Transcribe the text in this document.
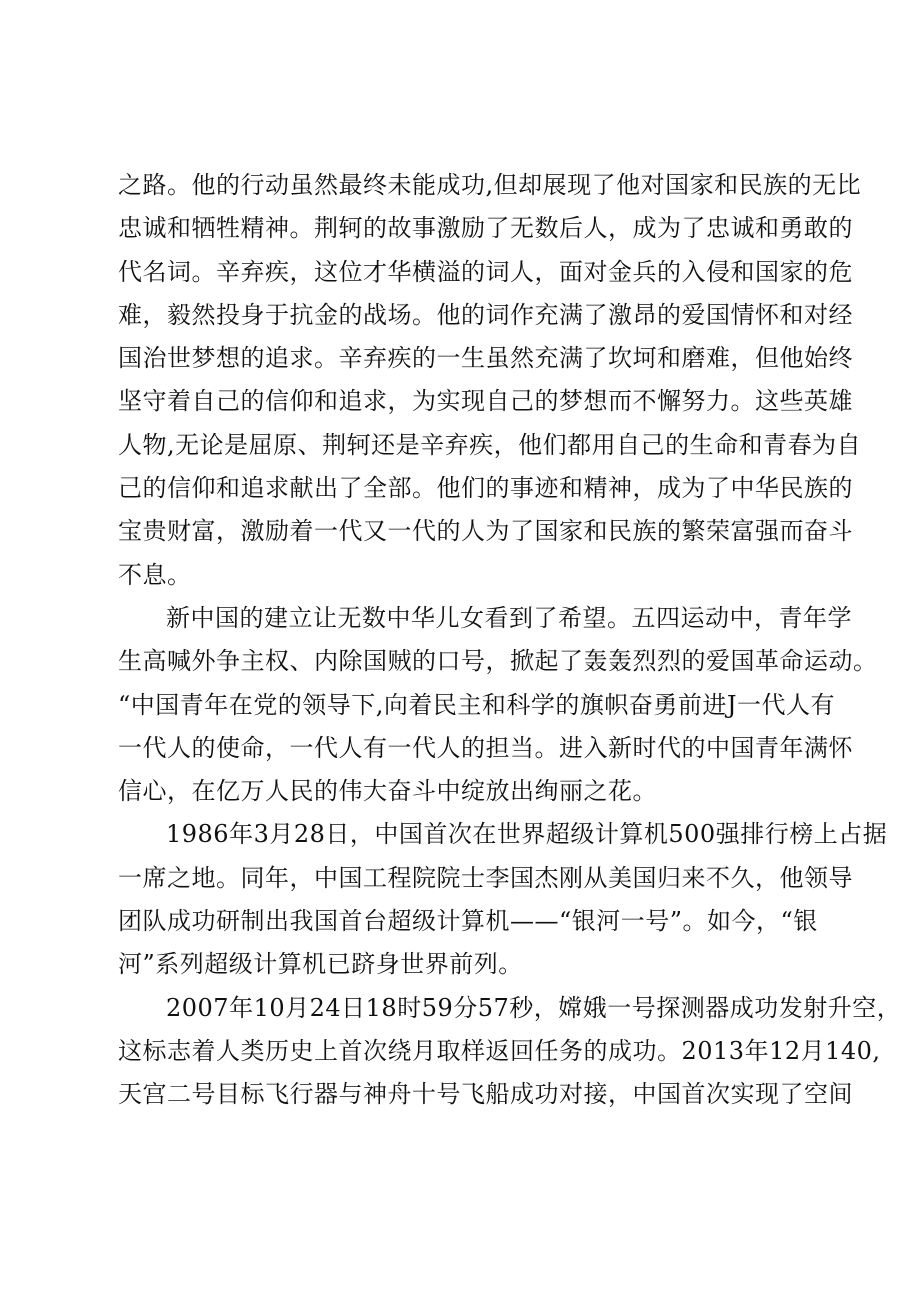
之路。他的行动虽然最终未能成功,但却展现了他对国家和民族的无比
忠诚和牺牲精神。荆轲的故事激励了无数后人，成为了忠诚和勇敢的
代名词。辛弃疾，这位才华横溢的词人，面对金兵的入侵和国家的危
难，毅然投身于抗金的战场。他的词作充满了激昂的爱国情怀和对经
国治世梦想的追求。辛弃疾的一生虽然充满了坎坷和磨难，但他始终
坚守着自己的信仰和追求，为实现自己的梦想而不懈努力。这些英雄
人物,无论是屈原、荆轲还是辛弃疾，他们都用自己的生命和青春为自
己的信仰和追求献出了全部。他们的事迹和精神，成为了中华民族的
宝贵财富，激励着一代又一代的人为了国家和民族的繁荣富强而奋斗
不息。
新中国的建立让无数中华儿女看到了希望。五四运动中，青年学
生高喊外争主权、内除国贼的口号，掀起了轰轰烈烈的爱国革命运动。
“中国青年在党的领导下,向着民主和科学的旗帜奋勇前进J一代人有
一代人的使命，一代人有一代人的担当。进入新时代的中国青年满怀
信心，在亿万人民的伟大奋斗中绽放出绚丽之花。
1986年3月28日，中国首次在世界超级计算机500强排行榜上占据
一席之地。同年，中国工程院院士李国杰刚从美国归来不久，他领导
团队成功研制出我国首台超级计算机——“银河一号”。如今，“银
河”系列超级计算机已跻身世界前列。
2007年10月24日18时59分57秒，嫦娥一号探测器成功发射升空，
这标志着人类历史上首次绕月取样返回任务的成功。2013年12月140,
天宫二号目标飞行器与神舟十号飞船成功对接，中国首次实现了空间
